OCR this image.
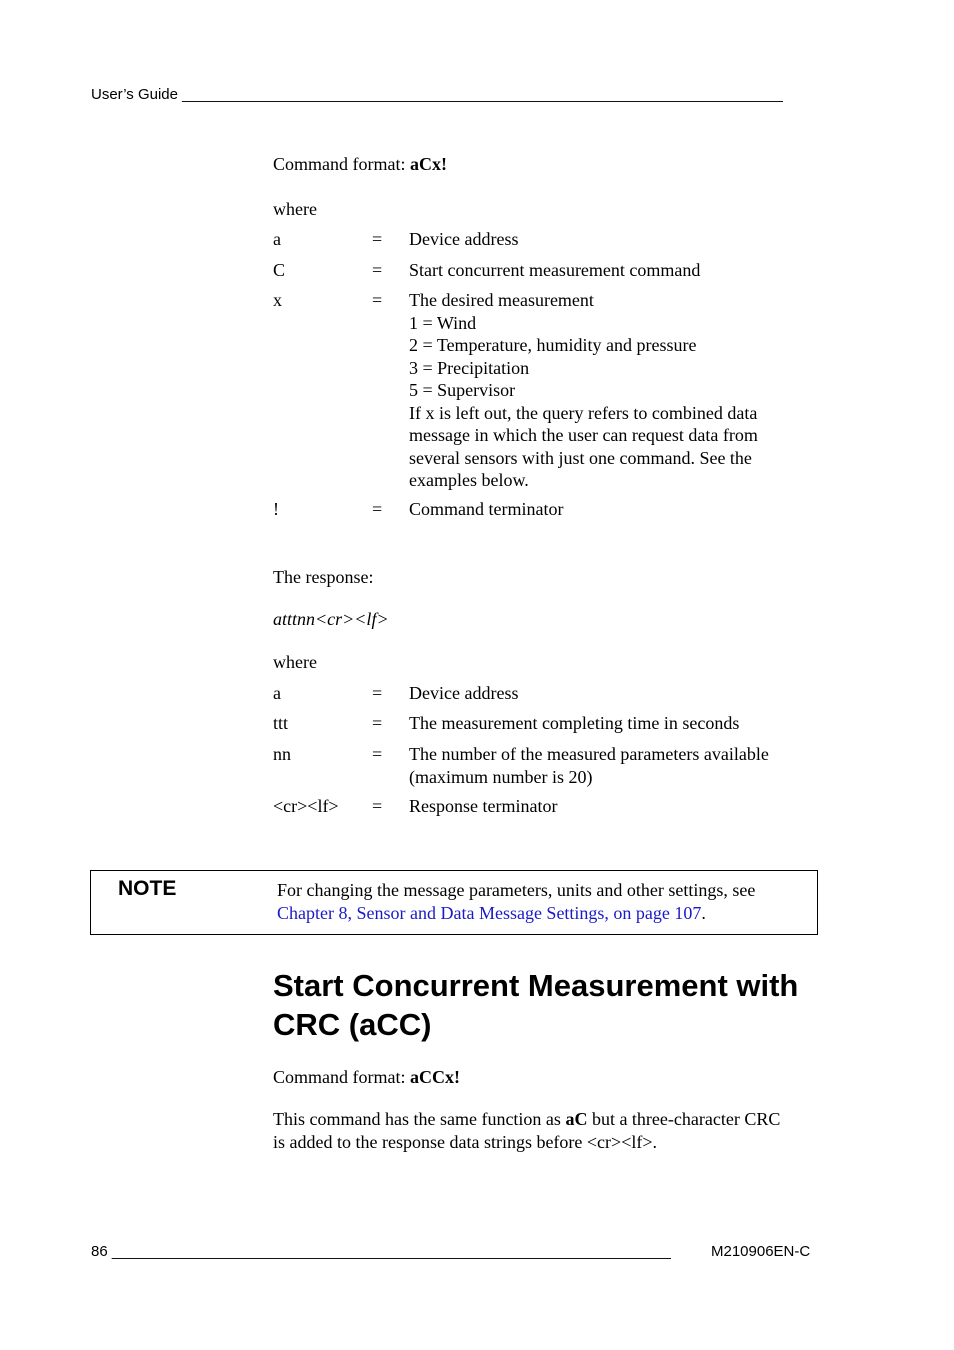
User’s Guide ________________________________________________________________________
Command format: aCx!
where
a	= Device address
C	= Start concurrent measurement command
x	= The desired measurement
1 = Wind
2 = Temperature, humidity and pressure
3 = Precipitation
5 = Supervisor
If x is left out, the query refers to combined data
message in which the user can request data from
several sensors with just one command. See the
examples below.
!	= Command terminator
The response:
atttnn<cr><lf>
where
a	= Device address
ttt	= The measurement completing time in seconds
nn	= The number of the measured parameters available
(maximum number is 20)
<cr><lf> = Response terminator
NOTE	For changing the message parameters, units and other settings, see
Chapter 8, Sensor and Data Message Settings, on page 107.
Start Concurrent Measurement with
CRC (aCC)
Command format: aCCx!
This command has the same function as aC but a three-character CRC
is added to the response data strings before <cr><lf>.
86 ___________________________________________________________________	M210906EN-C
